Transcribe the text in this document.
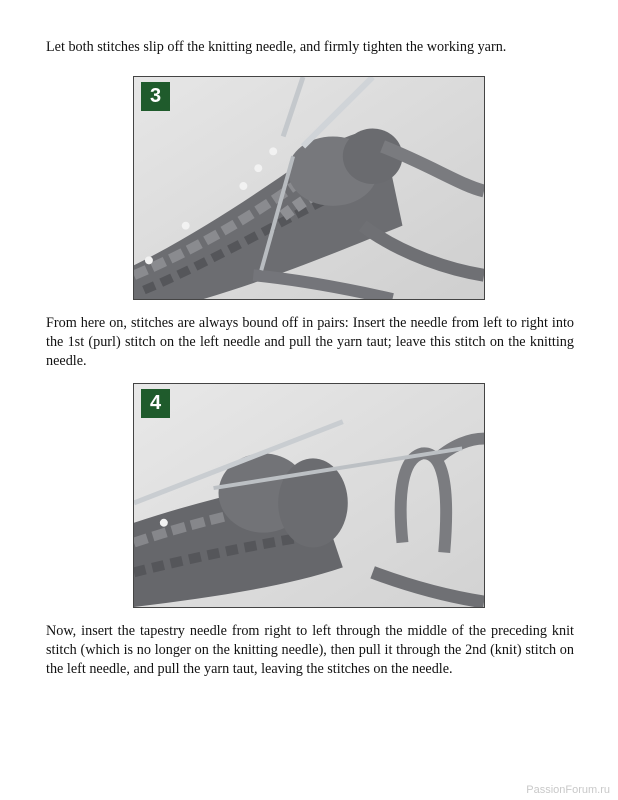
Let both stitches slip off the knitting needle, and firmly tighten the working yarn.

3

From here on, stitches are always bound off in pairs: Insert the needle from left to right into the 1st (purl) stitch on the left needle and pull the yarn taut; leave this stitch on the knitting needle.

4

Now, insert the tapestry needle from right to left through the middle of the preceding knit stitch (which is no longer on the knitting needle), then pull it through the 2nd (knit) stitch on the left needle, and pull the yarn taut, leaving the stitches on the needle.

PassionForum.ru
